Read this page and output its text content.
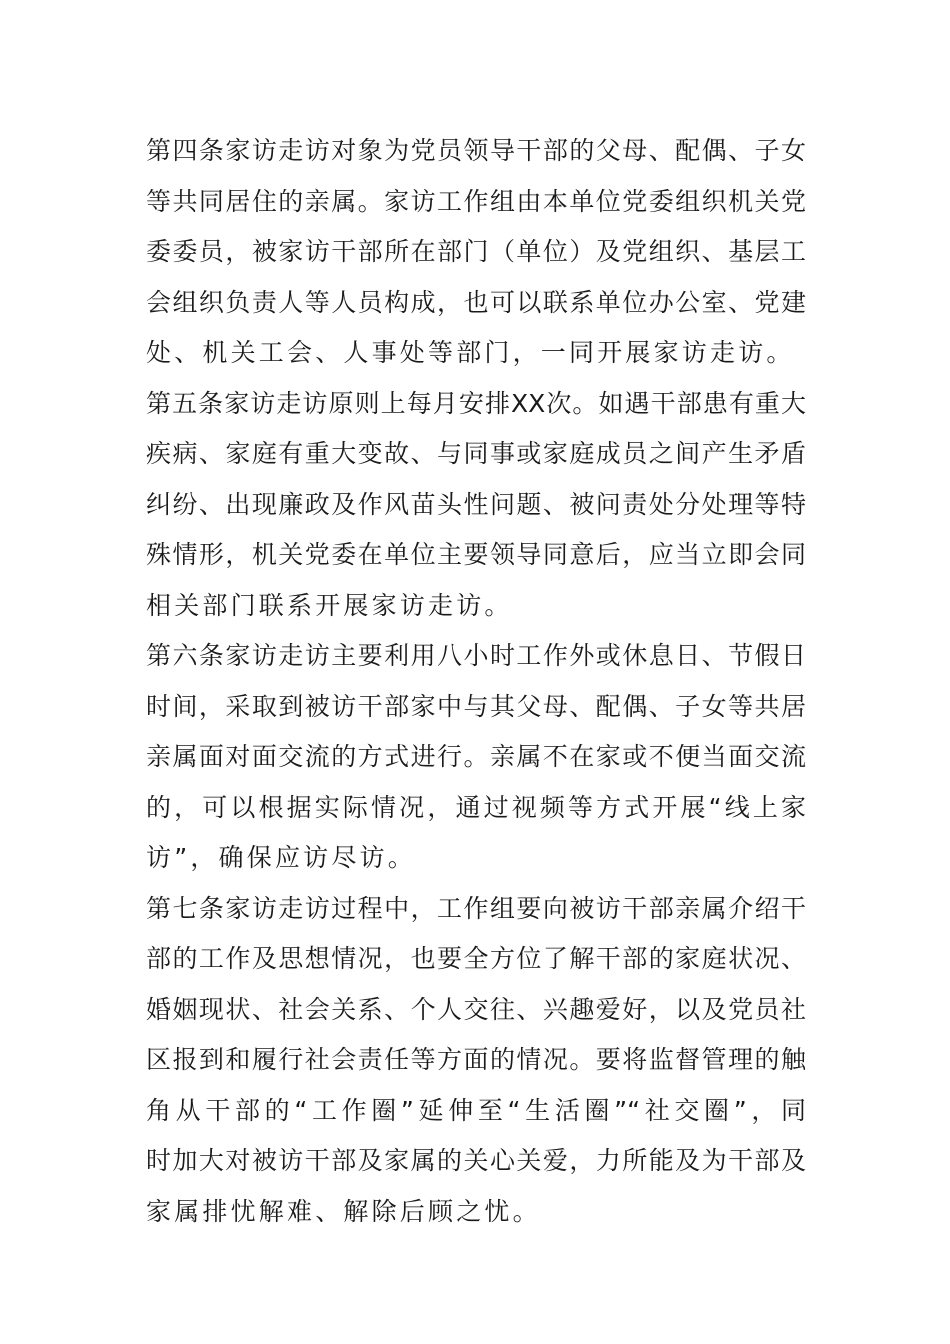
第四条家访走访对象为党员领导干部的父母、配偶、子女
等共同居住的亲属。家访工作组由本单位党委组织机关党
委委员，被家访干部所在部门（单位）及党组织、基层工
会组织负责人等人员构成，也可以联系单位办公室、党建
处、机关工会、人事处等部门，一同开展家访走访。
第五条家访走访原则上每月安排XX次。如遇干部患有重大
疾病、家庭有重大变故、与同事或家庭成员之间产生矛盾
纠纷、出现廉政及作风苗头性问题、被问责处分处理等特
殊情形，机关党委在单位主要领导同意后，应当立即会同
相关部门联系开展家访走访。
第六条家访走访主要利用八小时工作外或休息日、节假日
时间，采取到被访干部家中与其父母、配偶、子女等共居
亲属面对面交流的方式进行。亲属不在家或不便当面交流
的，可以根据实际情况，通过视频等方式开展“线上家
访”，确保应访尽访。
第七条家访走访过程中，工作组要向被访干部亲属介绍干
部的工作及思想情况，也要全方位了解干部的家庭状况、
婚姻现状、社会关系、个人交往、兴趣爱好，以及党员社
区报到和履行社会责任等方面的情况。要将监督管理的触
角从干部的“工作圈”延伸至“生活圈”“社交圈”，同
时加大对被访干部及家属的关心关爱，力所能及为干部及
家属排忧解难、解除后顾之忧。
